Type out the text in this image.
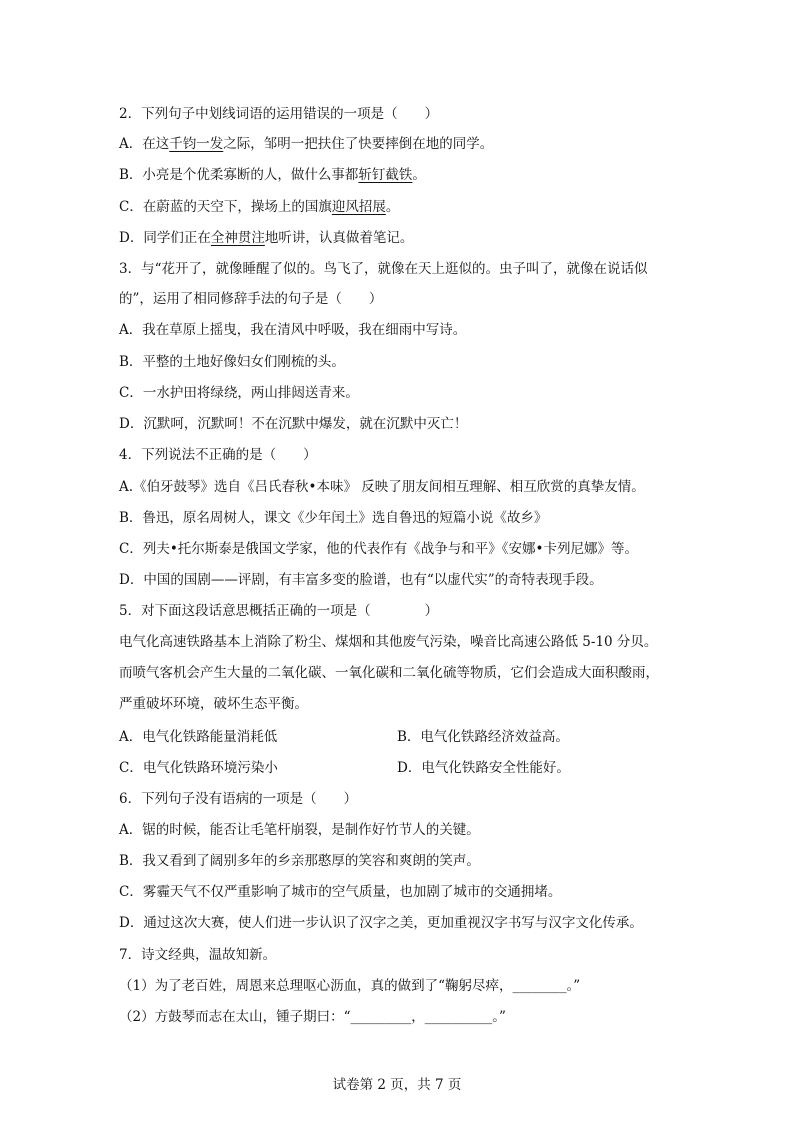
2．下列句子中划线词语的运用错误的一项是（　　）
A．在这千钧一发之际，邹明一把扶住了快要摔倒在地的同学。
B．小亮是个优柔寡断的人，做什么事都斩钉截铁。
C．在蔚蓝的天空下，操场上的国旗迎风招展。
D．同学们正在全神贯注地听讲，认真做着笔记。
3．与“花开了，就像睡醒了似的。鸟飞了，就像在天上逛似的。虫子叫了，就像在说话似
的”，运用了相同修辞手法的句子是（　　）
A．我在草原上摇曳，我在清风中呼吸，我在细雨中写诗。
B．平整的土地好像妇女们刚梳的头。
C．一水护田将绿绕，两山排闼送青来。
D．沉默呵，沉默呵！不在沉默中爆发，就在沉默中灭亡！
4．下列说法不正确的是（　　）
A.《伯牙鼓琴》选自《吕氏春秋•本味》 反映了朋友间相互理解、相互欣赏的真挚友情。
B．鲁迅，原名周树人，课文《少年闰土》选自鲁迅的短篇小说《故乡》
C．列夫•托尔斯泰是俄国文学家，他的代表作有《战争与和平》《安娜•卡列尼娜》等。
D．中国的国剧——评剧，有丰富多变的脸谱，也有“以虚代实”的奇特表现手段。
5．对下面这段话意思概括正确的一项是（　　　　）
电气化高速铁路基本上消除了粉尘、煤烟和其他废气污染，噪音比高速公路低 5-10 分贝。
而喷气客机会产生大量的二氧化碳、一氧化碳和二氧化硫等物质，它们会造成大面积酸雨，
严重破坏环境，破坏生态平衡。
A．电气化铁路能量消耗低	B．电气化铁路经济效益高。
C．电气化铁路环境污染小	D．电气化铁路安全性能好。
6．下列句子没有语病的一项是（　　）
A．锯的时候，能否让毛笔杆崩裂，是制作好竹节人的关键。
B．我又看到了阔别多年的乡亲那憨厚的笑容和爽朗的笑声。
C．雾霾天气不仅严重影响了城市的空气质量，也加剧了城市的交通拥堵。
D．通过这次大赛，使人们进一步认识了汉字之美，更加重视汉字书写与汉字文化传承。
7．诗文经典，温故知新。
（1）为了老百姓，周恩来总理呕心沥血，真的做到了“鞠躬尽瘁，________。”
（2）方鼓琴而志在太山，锺子期曰：“_________，__________。”
试卷第 2 页，共 7 页
